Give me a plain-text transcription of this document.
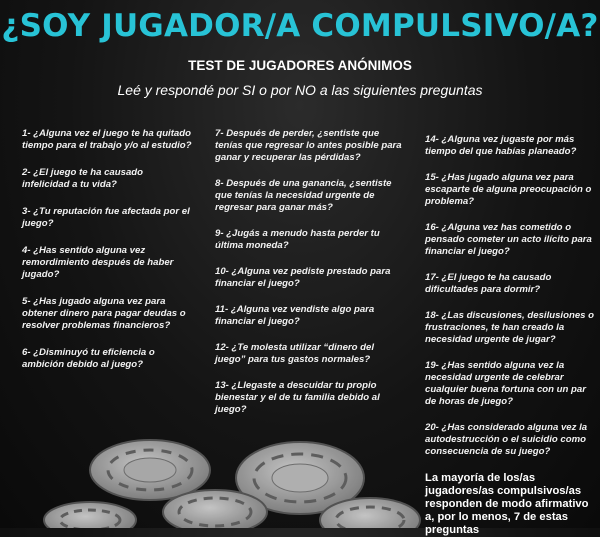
¿SOY JUGADOR/A COMPULSIVO/A?
TEST DE JUGADORES ANÓNIMOS
Leé y respondé por SI o por NO a las siguientes preguntas
1- ¿Alguna vez el juego te ha quitado tiempo para el trabajo y/o al estudio?
2- ¿El juego te ha causado infelicidad a tu vida?
3- ¿Tu reputación fue afectada por el juego?
4- ¿Has sentido alguna vez remordimiento después de haber jugado?
5- ¿Has jugado alguna vez para obtener dinero para pagar deudas o resolver problemas financieros?
6- ¿Disminuyó tu eficiencia o ambición debido al juego?
7- Después de perder, ¿sentiste que tenías que regresar lo antes posible para ganar y recuperar las pérdidas?
8- Después de una ganancia, ¿sentiste que tenías la necesidad urgente de regresar para ganar más?
9- ¿Jugás a menudo hasta perder tu última moneda?
10- ¿Alguna vez pediste prestado para financiar el juego?
11- ¿Alguna vez vendiste algo para financiar el juego?
12- ¿Te molesta utilizar “dinero del juego” para tus gastos normales?
13- ¿Llegaste a descuidar tu propio bienestar y el de tu familia debido al juego?
14- ¿Alguna vez jugaste por más tiempo del que habías planeado?
15- ¿Has jugado alguna vez para escaparte de alguna preocupación o problema?
16- ¿Alguna vez has cometido o pensado cometer un acto ilícito para financiar el juego?
17- ¿El juego te ha causado dificultades para dormir?
18- ¿Las discusiones, desilusiones o frustraciones, te han creado la necesidad urgente de jugar?
19- ¿Has sentido alguna vez la necesidad urgente de celebrar cualquier buena fortuna con un par de horas de juego?
20- ¿Has considerado alguna vez la autodestrucción o el suicidio como consecuencia de su juego?
La mayoría de los/as jugadores/as compulsivos/as responden de modo afirmativo a, por lo menos, 7 de estas preguntas
